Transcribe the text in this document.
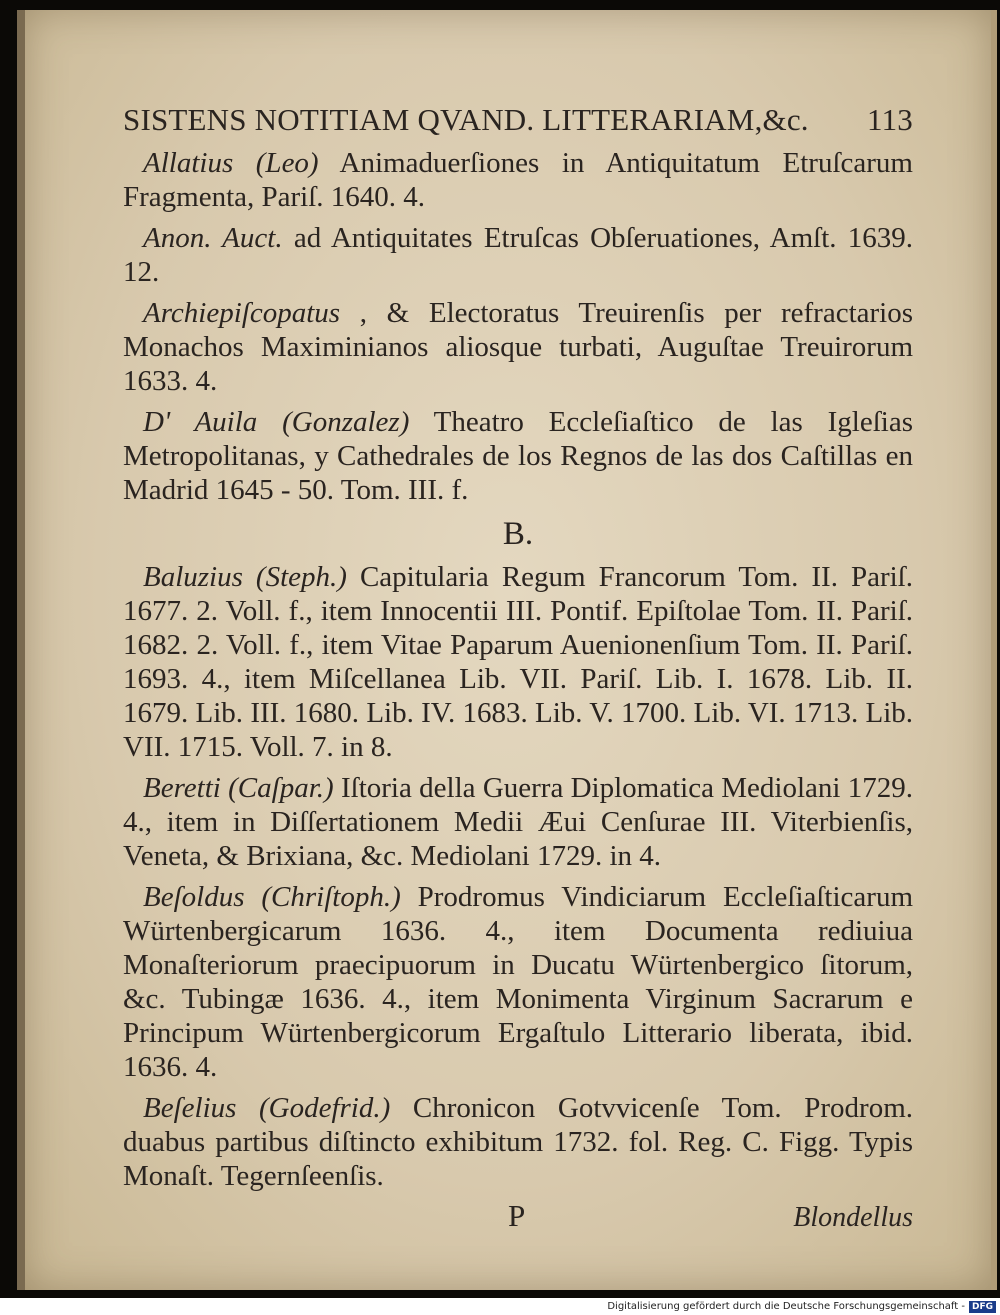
SISTENS NOTITIAM QVAND. LITTERARIAM,&c. 113

Allatius (Leo) Animaduerſiones in Antiquitatum Etruſcarum Fragmenta, Pariſ. 1640. 4.

Anon. Auct. ad Antiquitates Etruſcas Obſeruationes, Amſt. 1639. 12.

Archiepiſcopatus , & Electoratus Treuirenſis per refractarios Monachos Maximinianos aliosque turbati, Auguſtae Treuirorum 1633. 4.

D' Auila (Gonzalez) Theatro Eccleſiaſtico de las Igleſias Metropolitanas, y Cathedrales de los Regnos de las dos Caſtillas en Madrid 1645 - 50. Tom. III. f.

B.

Baluzius (Steph.) Capitularia Regum Francorum Tom. II. Pariſ. 1677. 2. Voll. f., item Innocentii III. Pontif. Epiſtolae Tom. II. Pariſ. 1682. 2. Voll. f., item Vitae Paparum Auenionenſium Tom. II. Pariſ. 1693. 4., item Miſcellanea Lib. VII. Pariſ. Lib. I. 1678. Lib. II. 1679. Lib. III. 1680. Lib. IV. 1683. Lib. V. 1700. Lib. VI. 1713. Lib. VII. 1715. Voll. 7. in 8.

Beretti (Caſpar.) Iſtoria della Guerra Diplomatica Mediolani 1729. 4., item in Diſſertationem Medii Æui Cenſurae III. Viterbienſis, Veneta, & Brixiana, &c. Mediolani 1729. in 4.

Beſoldus (Chriſtoph.) Prodromus Vindiciarum Eccleſiaſticarum Würtenbergicarum 1636. 4., item Documenta rediuiua Monaſteriorum praecipuorum in Ducatu Würtenbergico ſitorum, &c. Tubingæ 1636. 4., item Monimenta Virginum Sacrarum e Principum Würtenbergicorum Ergaſtulo Litterario liberata, ibid. 1636. 4.

Beſelius (Godefrid.) Chronicon Gotvvicenſe Tom. Prodrom. duabus partibus diſtincto exhibitum 1732. fol. Reg. C. Figg. Typis Monaſt. Tegernſeenſis.

P	Blondellus
Digitalisierung gefördert durch die Deutsche Forschungsgemeinschaft - DFG
